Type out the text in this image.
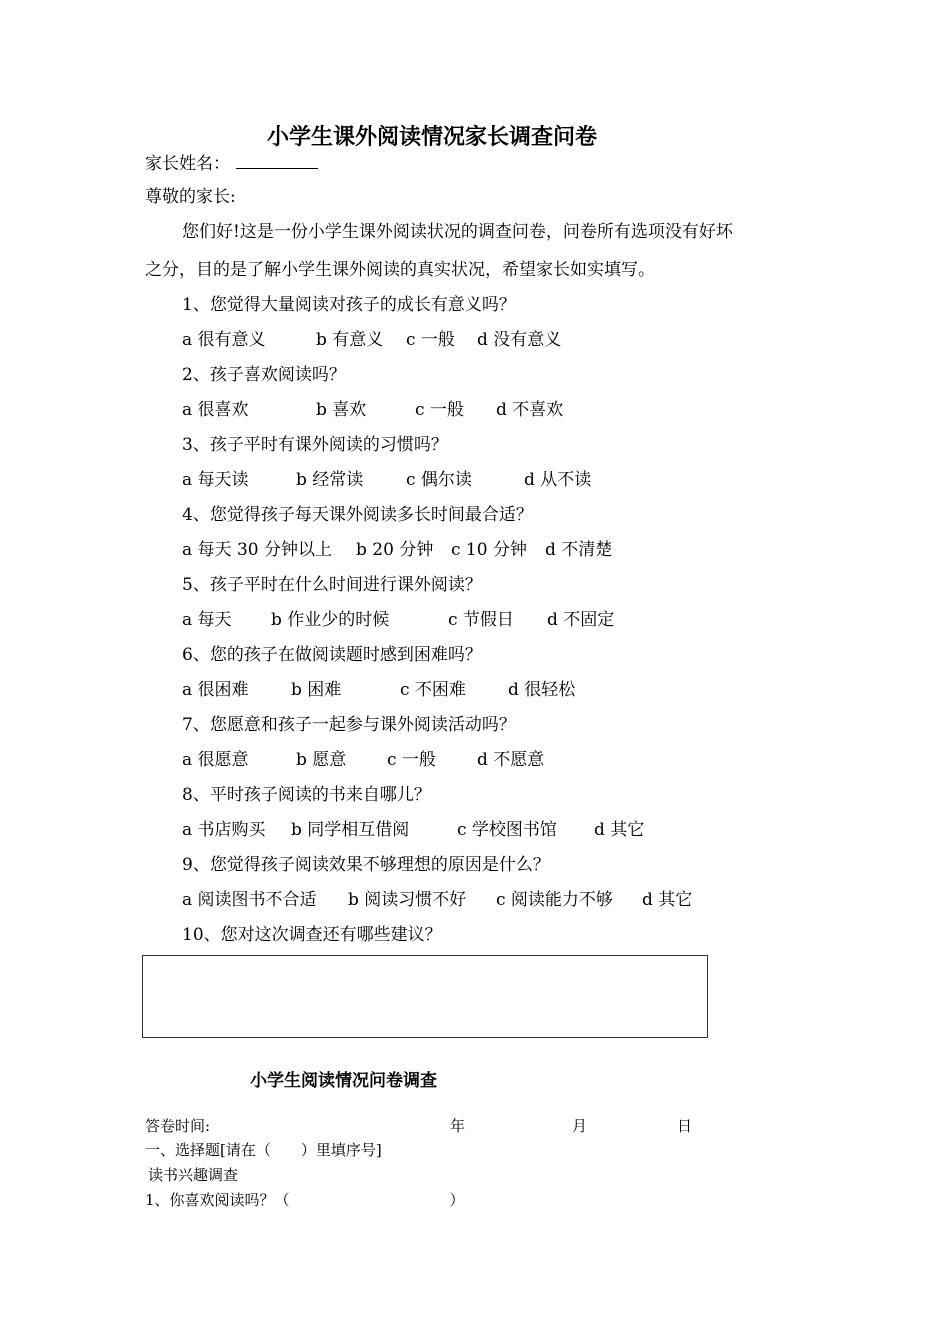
小学生课外阅读情况家长调查问卷
家长姓名：
尊敬的家长:
您们好!这是一份小学生课外阅读状况的调查问卷，问卷所有选项没有好坏
之分，目的是了解小学生课外阅读的真实状况，希望家长如实填写。
1、您觉得大量阅读对孩子的成长有意义吗？
a 很有意义	b 有意义 c 一般 d 没有意义
2、孩子喜欢阅读吗？
a 很喜欢	b 喜欢	c 一般 d 不喜欢
3、孩子平时有课外阅读的习惯吗？
a 每天读	b 经常读	c 偶尔读	d 从不读
4、您觉得孩子每天课外阅读多长时间最合适？
a 每天 30 分钟以上 b 20 分钟 c 10 分钟 d 不清楚
5、孩子平时在什么时间进行课外阅读？
a 每天 b 作业少的时候	c 节假日 d 不固定
6、您的孩子在做阅读题时感到困难吗？
a 很困难 b 困难	c 不困难 d 很轻松
7、您愿意和孩子一起参与课外阅读活动吗？
a 很愿意	b 愿意 c 一般 d 不愿意
8、平时孩子阅读的书来自哪儿？
a 书店购买 b 同学相互借阅	c 学校图书馆 d 其它
9、您觉得孩子阅读效果不够理想的原因是什么？
a 阅读图书不合适 b 阅读习惯不好 c 阅读能力不够 d 其它
10、您对这次调查还有哪些建议？
小学生阅读情况问卷调查
答卷时间:	年	月	日
一、选择题[请在（　　）里填序号]
读书兴趣调查
1、你喜欢阅读吗？（	）
